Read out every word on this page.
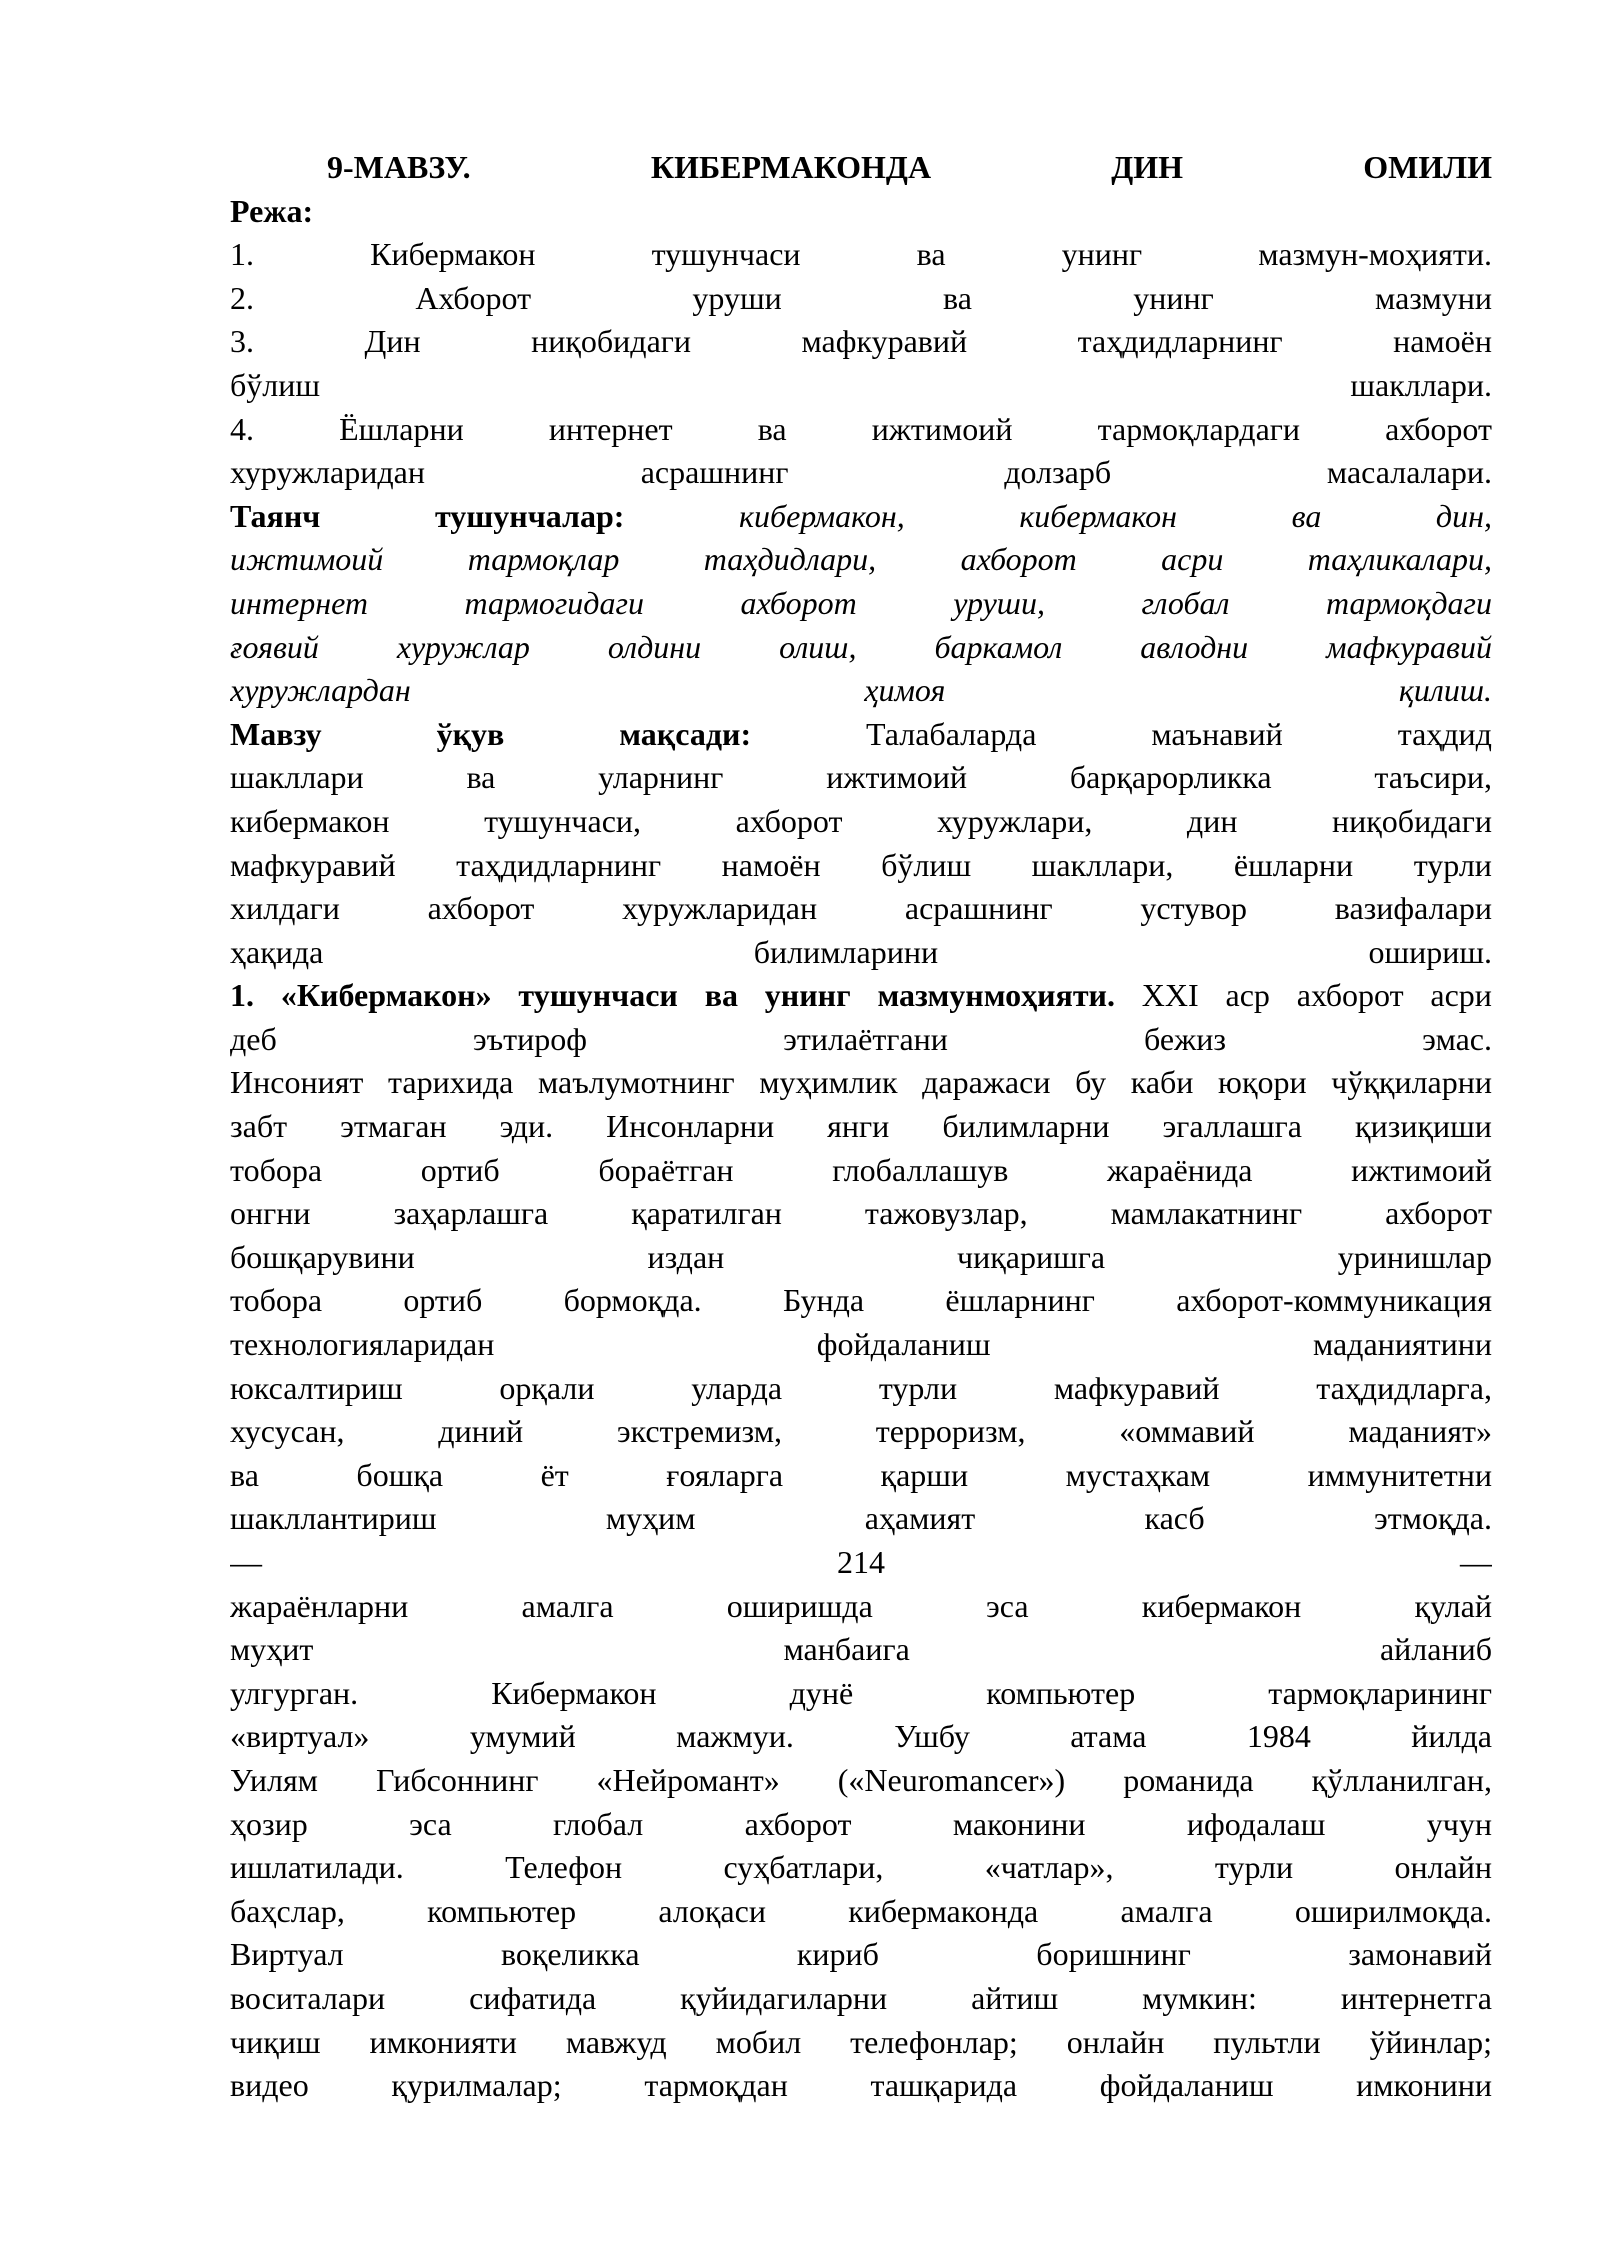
9-МАВЗУ.	КИБЕРМАКОНДА	ДИН	ОМИЛИ
Режа:
1.	Кибермакон	тушунчаси	ва	унинг	мазмун-моҳияти.
2.	Ахборот	уруши	ва	унинг	мазмуни
3.	Дин	ниқобидаги	мафкуравий	таҳдидларнинг	намоён
бўлиш	шакллари.
4.	Ёшларни	интернет	ва	ижтимоий	тармоқлардаги	ахборот
хуружларидан	асрашнинг	долзарб	масалалари.
Таянч	тушунчалар:	кибермакон,	кибермакон	ва	дин,
ижтимоий	тармоқлар	таҳдидлари,	ахборот	асри	таҳликалари,
интернет	тармогидаги	ахборот	уруши,	глобал	тармоқдаги
ғоявий хуружлар олдини олиш, баркамол авлодни мафкуравий
хуружлардан	ҳимоя	қилиш.
Мавзу	ўқув	мақсади:	Талабаларда	маънавий	таҳдид
шакллари	ва	уларнинг	ижтимоий	барқарорликка	таъсири,
кибермакон	тушунчаси,	ахборот	хуружлари,	дин	ниқобидаги
мафкуравий таҳдидларнинг намоён бўлиш шакллари, ёшларни турли
хилдаги	ахборот	хуружларидан	асрашнинг	устувор	вазифалари
ҳақида	билимларини	ошириш.
1. «Кибермакон» тушунчаси ва унинг мазмунмоҳияти. XXI аср ахборот асри
деб	эътироф	этилаётгани	бежиз	эмас.
Инсоният тарихида маълумотнинг муҳимлик даражаси бу каби юқори чўққиларни
забт этмаган эди. Инсонларни янги билимларни эгаллашга қизиқиши
тобора	ортиб	бораётган	глобаллашув	жараёнида	ижтимоий
онгни	заҳарлашга	қаратилган	тажовузлар,	мамлакатнинг	ахборот
бошқарувини	издан	чиқаришга	уринишлар
тобора	ортиб	бормоқда.	Бунда	ёшларнинг	ахборот-коммуникация
технологияларидан	фойдаланиш	маданиятини
юксалтириш	орқали	уларда	турли	мафкуравий	таҳдидларга,
хусусан,	диний	экстремизм,	терроризм,	«оммавий	маданият»
ва	бошқа	ёт	ғояларга	қарши	мустаҳкам	иммунитетни
шакллантириш	муҳим	аҳамият	касб	этмоқда.
—	214	—
жараёнларни	амалга	оширишда	эса	кибермакон	қулай
муҳит	манбаига	айланиб
улгурган.	Кибермакон	дунё	компьютер	тармоқларининг
«виртуал»	умумий	мажмуи.	Ушбу	атама	1984	йилда
Уилям Гибсоннинг «Нейромант» («Neuromancer») романида қўлланилган,
ҳозир	эса	глобал	ахборот	маконини	ифодалаш	учун
ишлатилади.	Телефон	суҳбатлари,	«чатлар»,	турли	онлайн
баҳслар,	компьютер	алоқаси	кибермаконда	амалга	оширилмоқда.
Виртуал	воқеликка	кириб	боришнинг	замонавий
воситалари	сифатида	қуйидагиларни	айтиш	мумкин:	интернетга
чиқиш имконияти мавжуд мобил телефонлар; онлайн пультли ўйинлар;
видео	қурилмалар;	тармоқдан	ташқарида	фойдаланиш	имконини
